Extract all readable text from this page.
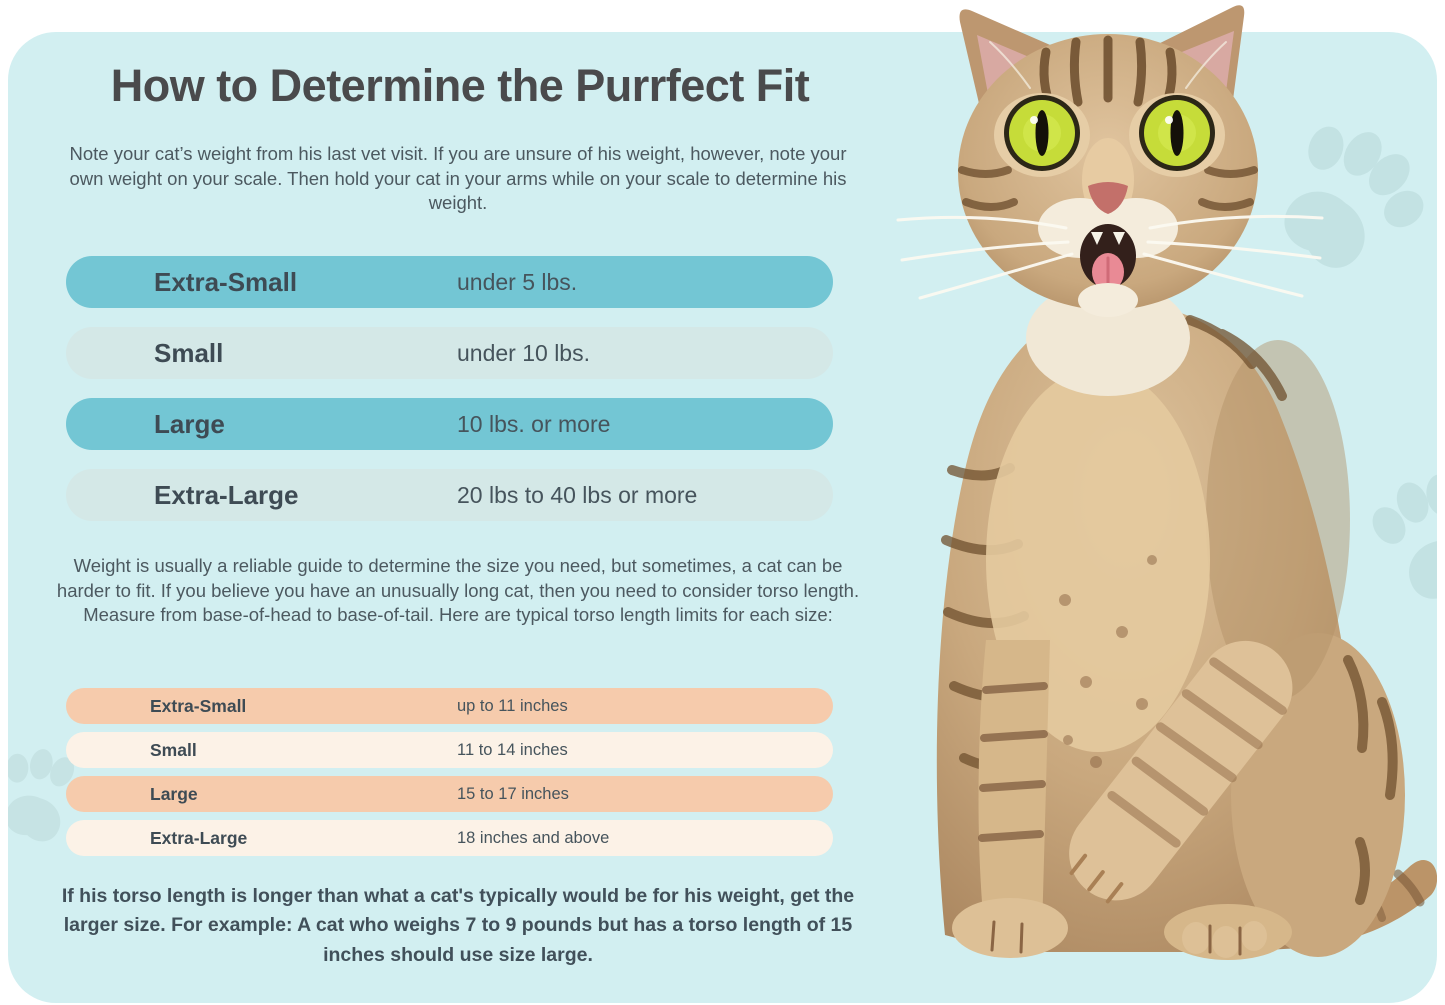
How to Determine the Purrfect Fit

Note your cat’s weight from his last vet visit. If you are unsure of his weight, however, note your own weight on your scale. Then hold your cat in your arms while on your scale to determine his weight.

Extra-Small	under 5 lbs.
Small	under 10 lbs.
Large	10 lbs. or more
Extra-Large	20 lbs to 40 lbs or more

Weight is usually a reliable guide to determine the size you need, but sometimes, a cat can be harder to fit. If you believe you have an unusually long cat, then you need to consider torso length. Measure from base-of-head to base-of-tail. Here are typical torso length limits for each size:

Extra-Small	up to 11 inches
Small	11 to 14 inches
Large	15 to 17 inches
Extra-Large	18 inches and above

If his torso length is longer than what a cat's typically would be for his weight, get the larger size. For example: A cat who weighs 7 to 9 pounds but has a torso length of 15 inches should use size large.
